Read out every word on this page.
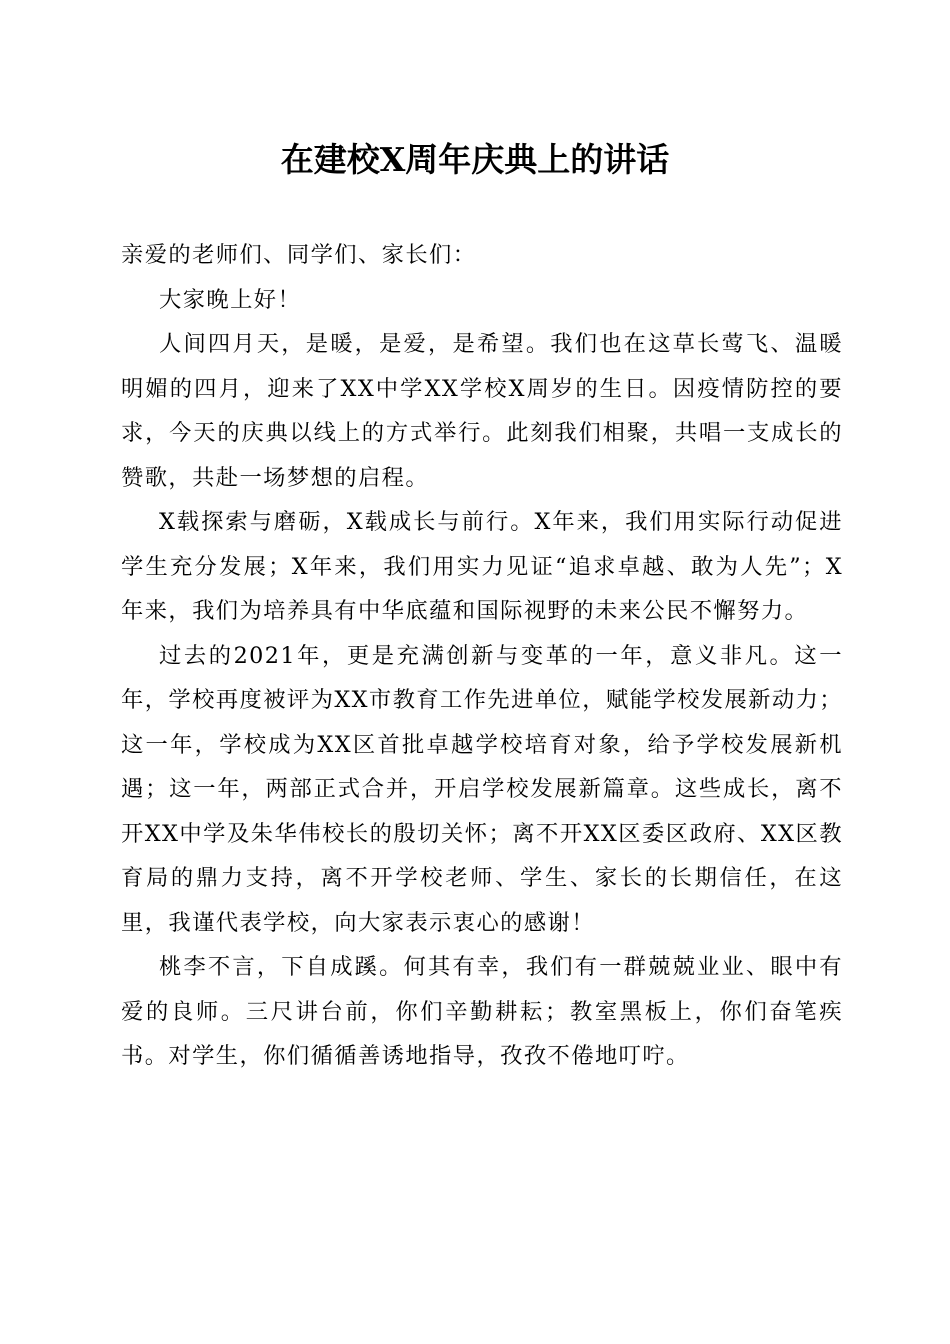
在建校X周年庆典上的讲话

亲爱的老师们、同学们、家长们：

大家晚上好！

人间四月天，是暖，是爱，是希望。我们也在这草长莺飞、温暖明媚的四月，迎来了XX中学XX学校X周岁的生日。因疫情防控的要求，今天的庆典以线上的方式举行。此刻我们相聚，共唱一支成长的赞歌，共赴一场梦想的启程。

X载探索与磨砺，X载成长与前行。X年来，我们用实际行动促进学生充分发展；X年来，我们用实力见证“追求卓越、敢为人先”；X年来，我们为培养具有中华底蕴和国际视野的未来公民不懈努力。

过去的2021年，更是充满创新与变革的一年，意义非凡。这一年，学校再度被评为XX市教育工作先进单位，赋能学校发展新动力；这一年，学校成为XX区首批卓越学校培育对象，给予学校发展新机遇；这一年，两部正式合并，开启学校发展新篇章。这些成长，离不开XX中学及朱华伟校长的殷切关怀；离不开XX区委区政府、XX区教育局的鼎力支持，离不开学校老师、学生、家长的长期信任，在这里，我谨代表学校，向大家表示衷心的感谢！

桃李不言，下自成蹊。何其有幸，我们有一群兢兢业业、眼中有爱的良师。三尺讲台前，你们辛勤耕耘；教室黑板上，你们奋笔疾书。对学生，你们循循善诱地指导，孜孜不倦地叮咛。
